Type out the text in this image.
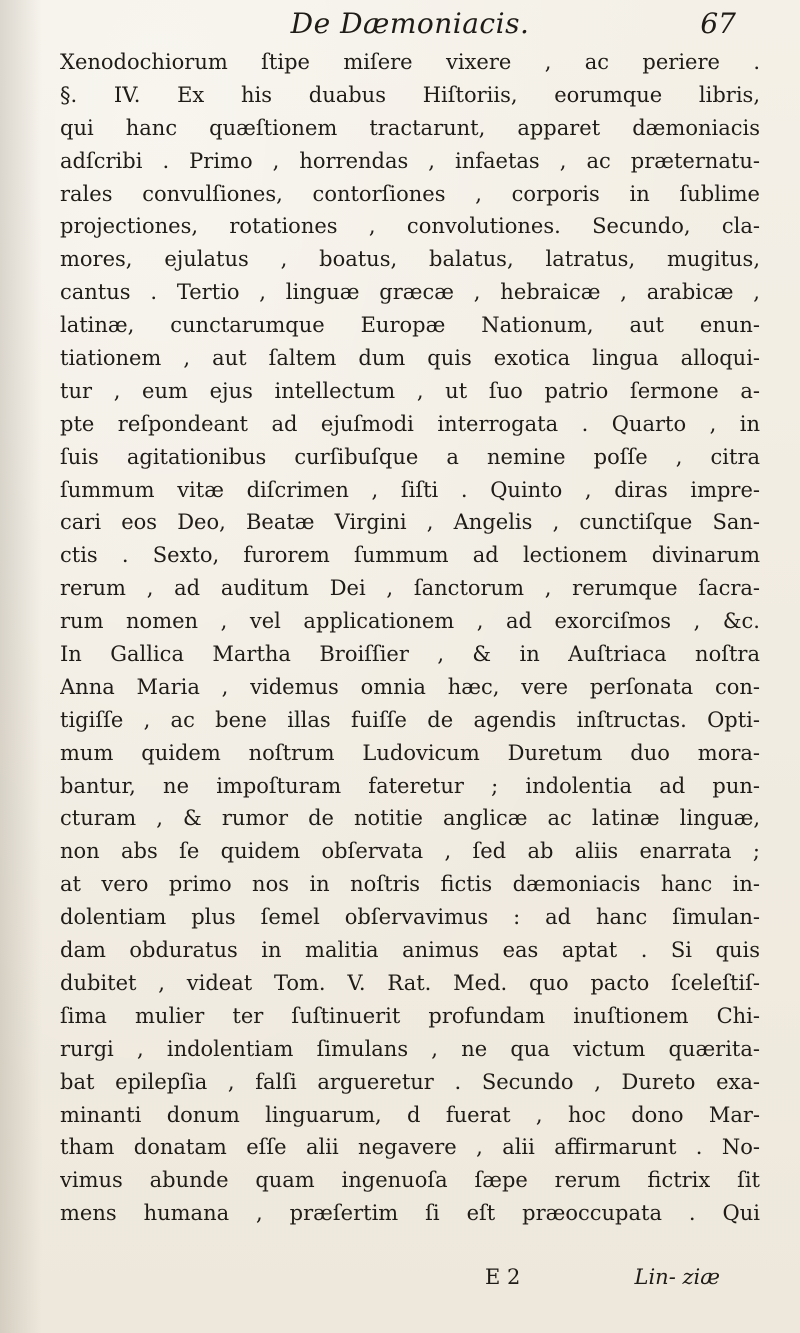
De Dæmoniacis.	67
Xenodochiorum ſtipe miſere vixere , ac periere .
§. IV. Ex his duabus Hiſtoriis, eorumque libris,
qui hanc quæſtionem tractarunt, apparet dæmoniacis
adſcribi . Primo , horrendas , infaetas , ac præternatu-
rales convulſiones, contorſiones , corporis in ſublime
projectiones, rotationes , convolutiones. Secundo, cla-
mores, ejulatus , boatus, balatus, latratus, mugitus,
cantus . Tertio , linguæ græcæ , hebraicæ , arabicæ ,
latinæ, cunctarumque Europæ Nationum, aut enun-
tiationem , aut ſaltem dum quis exotica lingua alloqui-
tur , eum ejus intellectum , ut ſuo patrio ſermone a-
pte reſpondeant ad ejuſmodi interrogata . Quarto , in
ſuis agitationibus curſibuſque a nemine poſſe , citra
ſummum vitæ diſcrimen , ſiſti . Quinto , diras impre-
cari eos Deo, Beatæ Virgini , Angelis , cunctiſque San-
ctis . Sexto, furorem ſummum ad lectionem divinarum
rerum , ad auditum Dei , ſanctorum , rerumque ſacra-
rum nomen , vel applicationem , ad exorciſmos , &c.
In Gallica Martha Broiſſier , & in Auſtriaca noſtra
Anna Maria , videmus omnia hæc, vere perſonata con-
tigiſſe , ac bene illas fuiſſe de agendis inſtructas. Opti-
mum quidem noſtrum Ludovicum Duretum duo mora-
bantur, ne impoſturam fateretur ; indolentia ad pun-
cturam , & rumor de notitie anglicæ ac latinæ linguæ,
non abs ſe quidem obſervata , ſed ab aliis enarrata ;
at vero primo nos in noſtris fictis dæmoniacis hanc in-
dolentiam plus ſemel obſervavimus : ad hanc ſimulan-
dam obduratus in malitia animus eas aptat . Si quis
dubitet , videat Tom. V. Rat. Med. quo pacto ſceleſtiſ-
ſima mulier ter ſuſtinuerit profundam inuſtionem Chi-
rurgi , indolentiam ſimulans , ne qua victum quærita-
bat epilepſia , falſi argueretur . Secundo , Dureto exa-
minanti donum linguarum, d fuerat , hoc dono Mar-
tham donatam eſſe alii negavere , alii affirmarunt . No-
vimus abunde quam ingenuoſa ſæpe rerum fictrix ſit
mens humana , præſertim ſi eſt præoccupata . Qui
E 2	Lin- ziæ
